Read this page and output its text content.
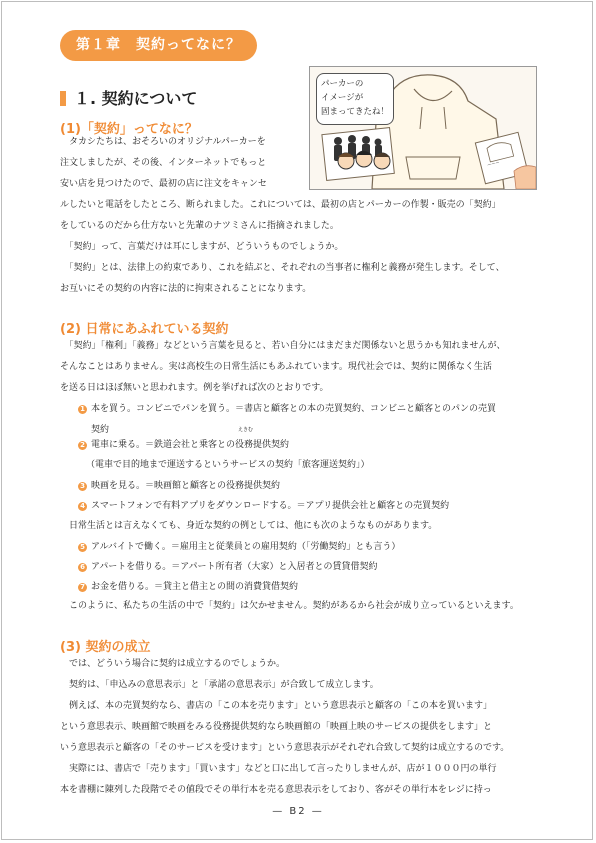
第１章　契約ってなに？
１. 契約について
~~~
パーカーの
イメージが
固まってきたね！
(1)「契約」ってなに？
　タカシたちは、おそろいのオリジナルパーカーを
注文しましたが、その後、インターネットでもっと
安い店を見つけたので、最初の店に注文をキャンセ
ルしたいと電話をしたところ、断られました。これについては、最初の店とパーカーの作製・販売の「契約」
をしているのだから仕方ないと先輩のナツミさんに指摘されました。
　「契約」って、言葉だけは耳にしますが、どういうものでしょうか。
　「契約」とは、法律上の約束であり、これを結ぶと、それぞれの当事者に権利と義務が発生します。そして、
お互いにその契約の内容に法的に拘束されることになります。
(2) 日常にあふれている契約
　「契約」「権利」「義務」などという言葉を見ると、若い自分にはまだまだ関係ないと思うかも知れませんが、
そんなことはありません。実は高校生の日常生活にもあふれています。現代社会では、契約に関係なく生活
を送る日はほぼ無いと思われます。例を挙げれば次のとおりです。
1 本を買う。コンビニでパンを買う。＝書店と顧客との本の売買契約、コンビニと顧客とのパンの売買
契約	えきむ
2 電車に乗る。＝鉄道会社と乗客との役務提供契約
（電車で目的地まで運送するというサービスの契約「旅客運送契約」）
3 映画を見る。＝映画館と顧客との役務提供契約
4 スマートフォンで有料アプリをダウンロードする。＝アプリ提供会社と顧客との売買契約
　日常生活とは言えなくても、身近な契約の例としては、他にも次のようなものがあります。
5 アルバイトで働く。＝雇用主と従業員との雇用契約（「労働契約」とも言う）
6 アパートを借りる。＝アパート所有者（大家）と入居者との賃貸借契約
7 お金を借りる。＝貸主と借主との間の消費貸借契約
　このように、私たちの生活の中で「契約」は欠かせません。契約があるから社会が成り立っているといえます。
(3) 契約の成立
　では、どういう場合に契約は成立するのでしょうか。
　契約は、「申込みの意思表示」と「承諾の意思表示」が合致して成立します。
　例えば、本の売買契約なら、書店の「この本を売ります」という意思表示と顧客の「この本を買います」
という意思表示、映画館で映画をみる役務提供契約なら映画館の「映画上映のサービスの提供をします」と
いう意思表示と顧客の「そのサービスを受けます」という意思表示がそれぞれ合致して契約は成立するのです。
　実際には、書店で「売ります」「買います」などと口に出して言ったりしませんが、店が１０００円の単行
本を書棚に陳列した段階でその値段でその単行本を売る意思表示をしており、客がその単行本をレジに持っ
— B2 —
